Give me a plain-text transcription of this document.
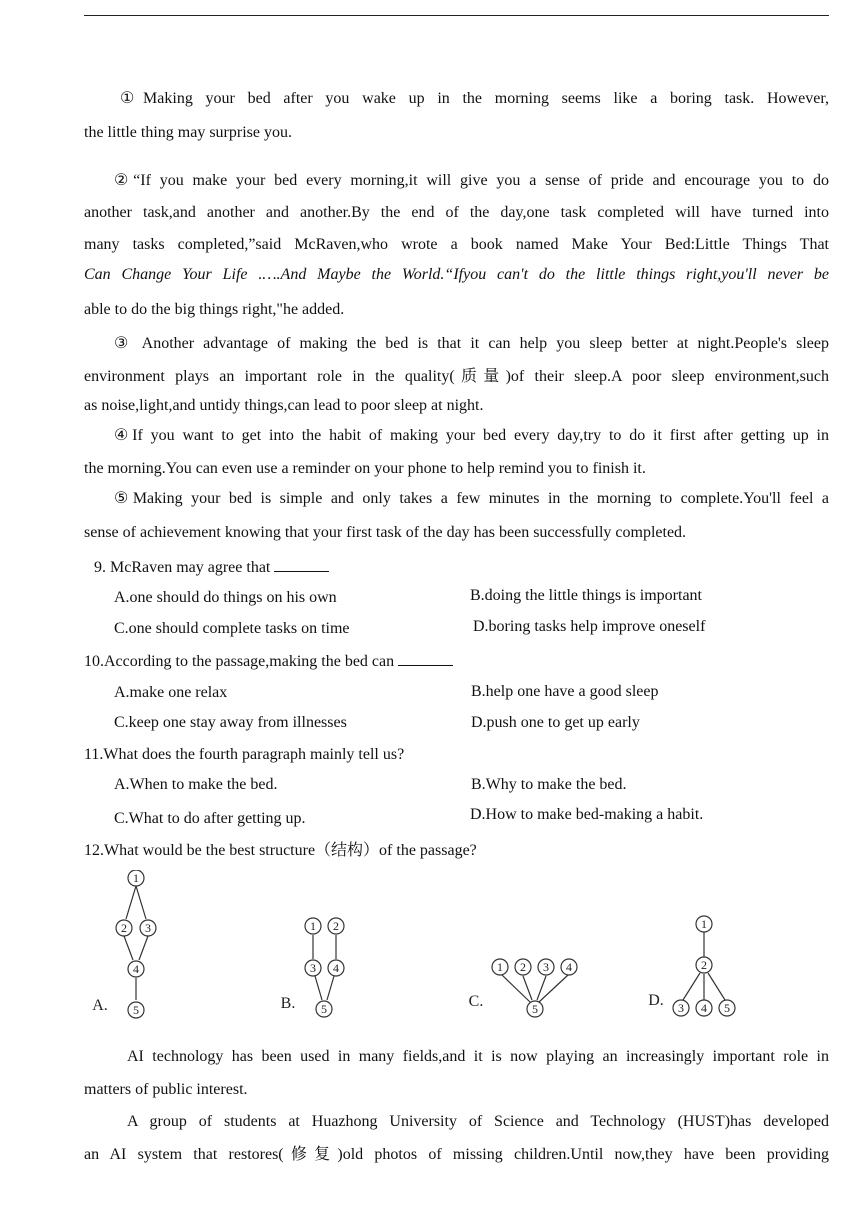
①Making your bed after you wake up in the morning seems like a boring task. However,
the little thing may surprise you.
②“If you make your bed every morning,it will give you a sense of pride and encourage you to do
another task,and another and another.By the end of the day,one task completed will have turned into
many tasks completed,”said McRaven,who wrote a book named Make Your Bed:Little Things That
Can Change Your Life .….And Maybe the World.“Ifyou can't do the little things right,you'll never be
able to do the big things right,"he added.
③ Another advantage of making the bed is that it can help you sleep better at night.People's sleep
environment plays an important role in the quality(质量)of their sleep.A poor sleep environment,such
as noise,light,and untidy things,can lead to poor sleep at night.
④If you want to get into the habit of making your bed every day,try to do it first after getting up in
the morning.You can even use a reminder on your phone to help remind you to finish it.
⑤Making your bed is simple and only takes a few minutes in the morning to complete.You'll feel a
sense of achievement knowing that your first task of the day has been successfully completed.
9. McRaven may agree that
A.one should do things on his own	B.doing the little things is important
C.one should complete tasks on time	D.boring tasks help improve oneself
10.According to the passage,making the bed can
A.make one relax	B.help one have a good sleep
C.keep one stay away from illnesses	D.push one to get up early
11.What does the fourth paragraph mainly tell us?
A.When to make the bed.	B.Why to make the bed.
C.What to do after getting up.	D.How to make bed-making a habit.
12.What would be the best structure（结构）of the passage?
1
2 3
4
5
A.
1 2
3 4
5
B.
1 2 3 4
5
C.
1
2
3 4 5
D.
AI technology has been used in many fields,and it is now playing an increasingly important role in
matters of public interest.
A group of students at Huazhong University of Science and Technology (HUST)has developed
an AI system that restores(修复)old photos of missing children.Until now,they have been providing
